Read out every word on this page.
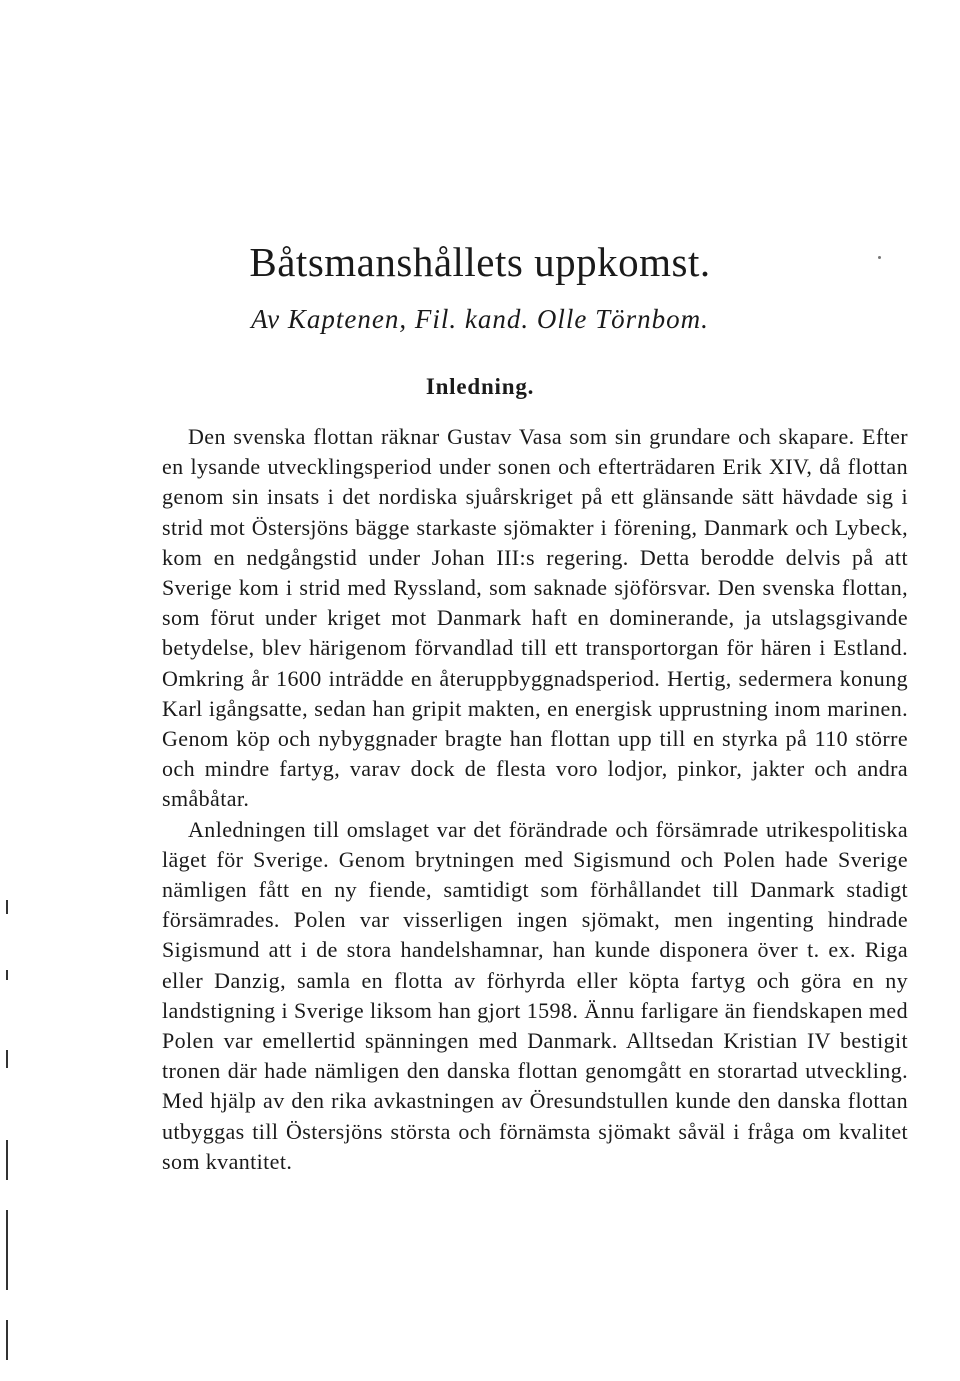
Båtsmanshållets uppkomst.
Av Kaptenen, Fil. kand. Olle Törnbom.
Inledning.

Den svenska flottan räknar Gustav Vasa som sin grundare och skapare. Efter en lysande utvecklingsperiod under sonen och efterträdaren Erik XIV, då flottan genom sin insats i det nordiska sjuårskriget på ett glänsande sätt hävdade sig i strid mot Östersjöns bägge starkaste sjömakter i förening, Danmark och Lybeck, kom en nedgångstid under Johan III:s regering. Detta berodde delvis på att Sverige kom i strid med Ryssland, som saknade sjöförsvar. Den svenska flottan, som förut under kriget mot Danmark haft en dominerande, ja utslagsgivande betydelse, blev härigenom förvandlad till ett transportorgan för hären i Estland. Omkring år 1600 inträdde en återuppbyggnadsperiod. Hertig, sedermera konung Karl igångsatte, sedan han gripit makten, en energisk upprustning inom marinen. Genom köp och nybyggnader bragte han flottan upp till en styrka på 110 större och mindre fartyg, varav dock de flesta voro lodjor, pinkor, jakter och andra småbåtar.

Anledningen till omslaget var det förändrade och försämrade utrikespolitiska läget för Sverige. Genom brytningen med Sigismund och Polen hade Sverige nämligen fått en ny fiende, samtidigt som förhållandet till Danmark stadigt försämrades. Polen var visserligen ingen sjömakt, men ingenting hindrade Sigismund att i de stora handelshamnar, han kunde disponera över t. ex. Riga eller Danzig, samla en flotta av förhyrda eller köpta fartyg och göra en ny landstigning i Sverige liksom han gjort 1598. Ännu farligare än fiendskapen med Polen var emellertid spänningen med Danmark. Alltsedan Kristian IV bestigit tronen där hade nämligen den danska flottan genomgått en storartad utveckling. Med hjälp av den rika avkastningen av Öresundstullen kunde den danska flottan utbyggas till Östersjöns största och förnämsta sjömakt såväl i fråga om kvalitet som kvantitet.
